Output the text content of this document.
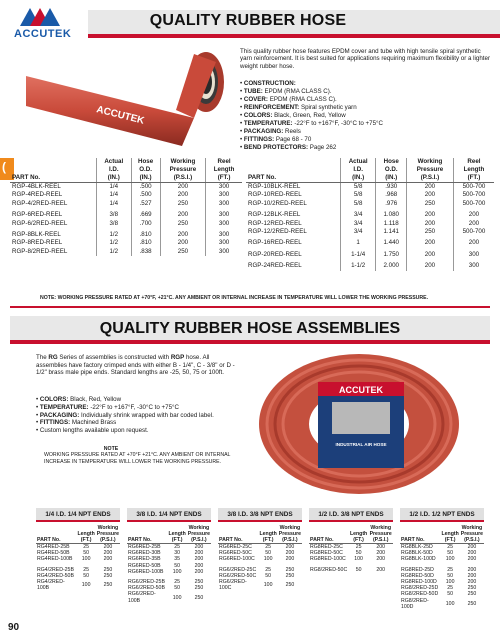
ACCUTEK
QUALITY RUBBER HOSE
(
ACCUTEK
This quality rubber hose features EPDM cover and tube with high tensile spiral synthetic yarn reinforcement. It is best suited for applications requiring maximum flexibility or a lighter weight rubber hose.
• CONSTRUCTION:
• TUBE: EPDM (RMA CLASS C).
• COVER: EPDM (RMA CLASS C).
• REINFORCEMENT: Spiral synthetic yarn
• COLORS: Black, Green, Red, Yellow
• TEMPERATURE: -22°F to +167°F, -30°C to +75°C
• PACKAGING: Reels
• FITTINGS: Page 68 - 70
• BEND PROTECTORS: Page 262
	Actual	Hose	Working	Reel
	I.D.	O.D.	Pressure	Length
PART No.	(IN.)	(IN.)	(P.S.I.)	(FT.)
RGP-4BLK-REEL	1/4	.500	200	300
RGP-4RED-REEL	1/4	.500	200	300
RGP-4/2RED-REEL	1/4	.527	250	300
RGP-6RED-REEL	3/8	.669	200	300
RGP-6/2RED-REEL	3/8	.700	250	300
RGP-8BLK-REEL	1/2	.810	200	300
RGP-8RED-REEL	1/2	.810	200	300
RGP-8/2RED-REEL	1/2	.838	250	300
	Actual	Hose	Working	Reel
	I.D.	O.D.	Pressure	Length
PART No.	(IN.)	(IN.)	(P.S.I.)	(FT.)
RGP-10BLK-REEL	5/8	.930	200	500-700
RGP-10RED-REEL	5/8	.968	200	500-700
RGP-10/2RED-REEL	5/8	.976	250	500-700
RGP-12BLK-REEL	3/4	1.080	200	200
RGP-12RED-REEL	3/4	1.118	200	200
RGP-12/2RED-REEL	3/4	1.141	250	500-700
RGP-16RED-REEL	1	1.440	200	200
RGP-20RED-REEL	1-1/4	1.750	200	300
RGP-24RED-REEL	1-1/2	2.000	200	300
NOTE: WORKING PRESSURE RATED AT +70°F, +21°C. ANY AMBIENT OR INTERNAL INCREASE IN TEMPERATURE WILL LOWER THE WORKING PRESSURE.
QUALITY RUBBER HOSE ASSEMBLIES
The RG Series of assemblies is constructed with RGP hose. All assemblies have factory crimped ends with either B - 1/4", C - 3/8" or D - 1/2" brass male pipe ends. Standard lengths are -25, 50, 75 or 100ft.
• COLORS: Black, Red, Yellow
• TEMPERATURE: -22°F to +167°F, -30°C to +75°C
• PACKAGING: Individually shrink wrapped with bar coded label.
• FITTINGS: Machined Brass
• Custom lengths available upon request.
NOTE
WORKING PRESSURE RATED AT +70°F +21°C. ANY AMBIENT OR INTERNAL INCREASE IN TEMPERATURE WILL LOWER THE WORKING PRESSURE.
ACCUTEK
INDUSTRIAL AIR HOSE
1/4 I.D. 1/4 NPT ENDS
		Working
	Length	Pressure
PART No.	(FT.)	(P.S.I.)
RG4RED-25B	25	200
RG4RED-50B	50	200
RG4RED-100B	100	200
RG4/2RED-25B	25	250
RG4/2RED-50B	50	250
RG4/2RED-100B	100	250
3/8 I.D. 1/4 NPT ENDS
		Working
	Length	Pressure
PART No.	(FT.)	(P.S.I.)
RG6RED-25B	25	200
RG6RED-30B	30	200
RG6RED-35B	35	200
RG6RED-50B	50	200
RG6RED-100B	100	200
RG6/2RED-25B	25	250
RG6/2RED-50B	50	250
RG6/2RED-100B	100	250
3/8 I.D. 3/8 NPT ENDS
		Working
	Length	Pressure
PART No.	(FT.)	(P.S.I.)
RG6RED-25C	25	200
RG6RED-50C	50	200
RG6RED-100C	100	200
RG6/2RED-25C	25	250
RG6/2RED-50C	50	250
RG6/2RED-100C	100	250
1/2 I.D. 3/8 NPT ENDS
		Working
	Length	Pressure
PART No.	(FT.)	(P.S.I.)
RG8RED-25C	25	200
RG8RED-50C	50	200
RG8RED-100C	100	200
RG8/2RED-50C	50	200
1/2 I.D. 1/2 NPT ENDS
		Working
	Length	Pressure
PART No.	(FT.)	(P.S.I.)
RG8BLK-25D	25	200
RG8BLK-50D	50	200
RG8BLK-100D	100	200
RG8RED-25D	25	200
RG8RED-50D	50	200
RG8RED-100D	100	200
RG8/2RED-25D	25	250
RG8/2RED-50D	50	250
RG8/2RED-100D	100	250
90
